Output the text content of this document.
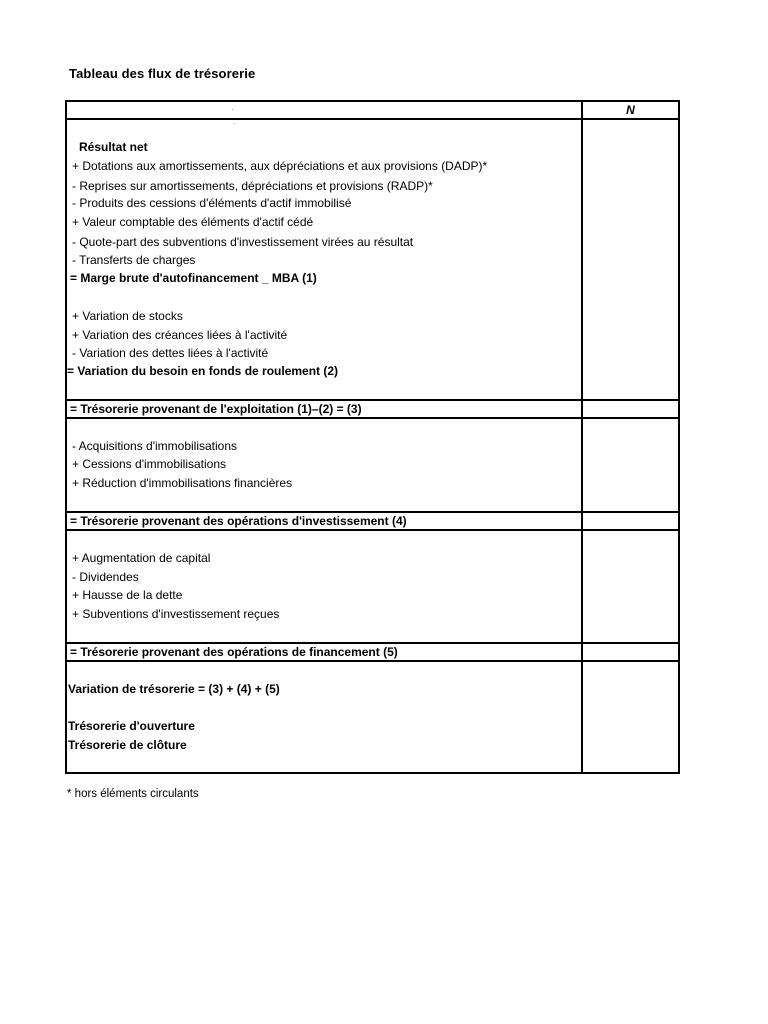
Tableau des flux de trésorerie
N
.
.
Résultat net
+ Dotations aux amortissements, aux dépréciations et aux provisions (DADP)*
- Reprises sur amortissements, dépréciations et provisions (RADP)*
- Produits des cessions d'éléments d'actif immobilisé
+ Valeur comptable des éléments d'actif cédé
- Quote-part des subventions d'investissement virées au résultat
- Transferts de charges
= Marge brute d'autofinancement _ MBA (1)
+ Variation de stocks
+ Variation des créances liées à l'activité
- Variation des dettes liées à l'activité
= Variation du besoin en fonds de roulement (2)
= Trésorerie provenant de l'exploitation (1)–(2) = (3)
- Acquisitions d'immobilisations
+ Cessions d'immobilisations
+ Réduction d'immobilisations financières
= Trésorerie provenant des opérations d'investissement (4)
+ Augmentation de capital
- Dividendes
+ Hausse de la dette
+ Subventions d'investissement reçues
= Trésorerie provenant des opérations de financement (5)
Variation de trésorerie = (3) + (4) + (5)
Trésorerie d'ouverture
Trésorerie de clôture
* hors éléments circulants
